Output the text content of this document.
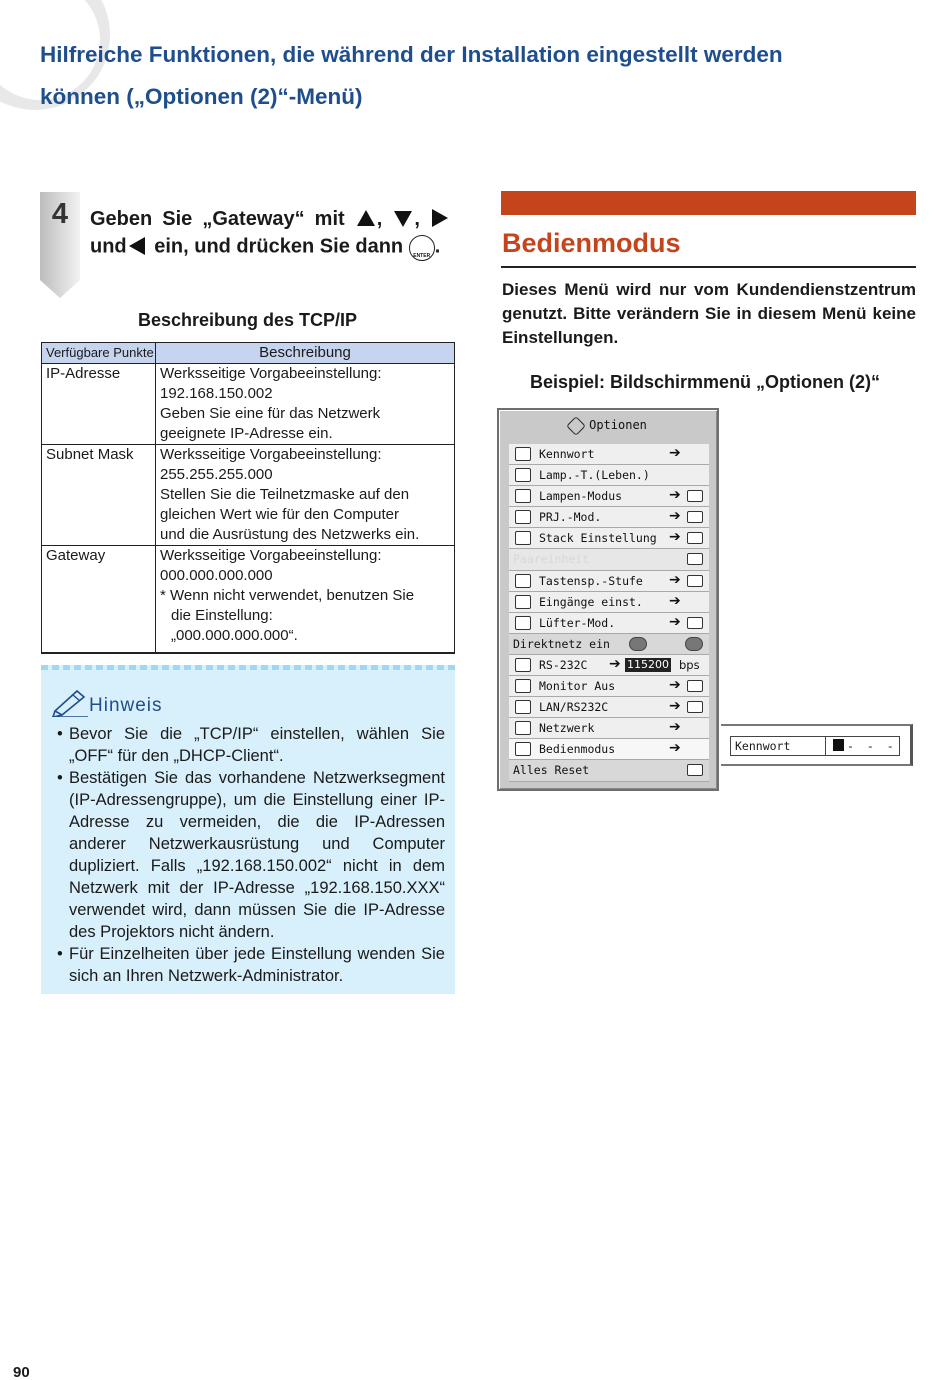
Hilfreiche Funktionen, die während der Installation eingestellt werden
können („Optionen (2)“-Menü)
4	Geben Sie „Gateway“ mit , ,  und ein, und drücken Sie dann	ENTER .
Beschreibung des TCP/IP
Verfügbare Punkte	Beschreibung
IP-Adresse	Werksseitige Vorgabeeinstellung:
192.168.150.002
Geben Sie eine für das Netzwerk
geeignete IP-Adresse ein.

Subnet Mask	Werksseitige Vorgabeeinstellung:
255.255.255.000
Stellen Sie die Teilnetzmaske auf den
gleichen Wert wie für den Computer
und die Ausrüstung des Netzwerks ein.

Gateway	Werksseitige Vorgabeeinstellung:
000.000.000.000
* Wenn nicht verwendet, benutzen Sie
die Einstellung:
„000.000.000.000“.
Hinweis
• Bevor Sie die „TCP/IP“ einstellen, wählen Sie „OFF“ für den „DHCP-Client“.
• Bestätigen Sie das vorhandene Netzwerksegment (IP-Adressengruppe), um die Einstellung einer IP-Adresse zu vermeiden, die die IP-Adressen anderer Netzwerkausrüstung und Computer dupliziert. Falls „192.168.150.002“ nicht in dem Netzwerk mit der IP-Adresse „192.168.150.XXX“ verwendet wird, dann müssen Sie die IP-Adresse des Projektors nicht ändern.
• Für Einzelheiten über jede Einstellung wenden Sie sich an Ihren Netzwerk-Administrator.
Bedienmodus
Dieses Menü wird nur vom Kundendienstzentrum genutzt. Bitte verändern Sie in diesem Menü keine Einstellungen.
Beispiel: Bildschirmmenü „Optionen (2)“
Optionen
Kennwort	➔
Lamp.-T.(Leben.)
Lampen-Modus	➔
PRJ.-Mod.	➔
Stack Einstellung ➔
Paareinheit
Tastensp.-Stufe ➔
Eingänge einst. ➔
Lüfter-Mod.	➔
Direktnetz ein
RS-232C ➔ 115200 bps
Monitor Aus	➔
LAN/RS232C	➔
Netzwerk	➔
Bedienmodus	➔
Alles Reset
Kennwort	- - -
90
